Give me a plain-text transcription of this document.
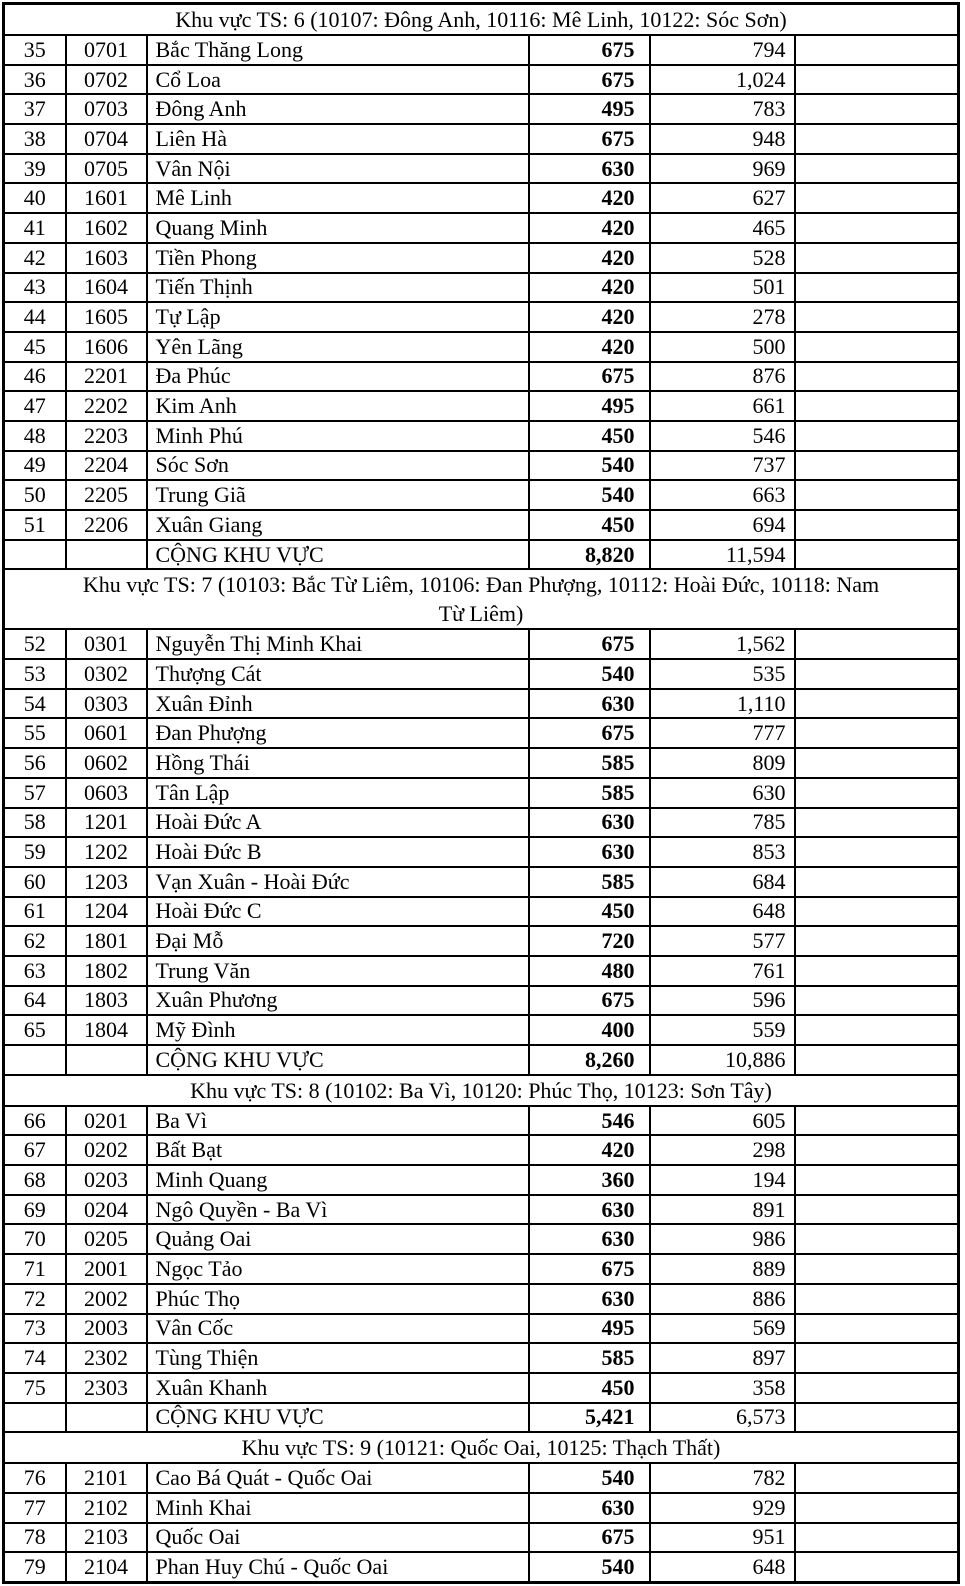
Khu vực TS: 6 (10107: Đông Anh, 10116: Mê Linh, 10122: Sóc Sơn)					

35	0701	Bắc Thăng Long	675	794	
36	0702	Cổ Loa	675	1,024	
37	0703	Đông Anh	495	783	
38	0704	Liên Hà	675	948	
39	0705	Vân Nội	630	969	
40	1601	Mê Linh	420	627	
41	1602	Quang Minh	420	465	
42	1603	Tiền Phong	420	528	
43	1604	Tiến Thịnh	420	501	
44	1605	Tự Lập	420	278	
45	1606	Yên Lãng	420	500	
46	2201	Đa Phúc	675	876	
47	2202	Kim Anh	495	661	
48	2203	Minh Phú	450	546	
49	2204	Sóc Sơn	540	737	
50	2205	Trung Giã	540	663	
51	2206	Xuân Giang	450	694	
		CỘNG KHU VỰC	8,820	11,594	

Khu vực TS: 7 (10103: Bắc Từ Liêm, 10106: Đan Phượng, 10112: Hoài Đức, 10118: Nam Từ Liêm)					

52	0301	Nguyễn Thị Minh Khai	675	1,562	
53	0302	Thượng Cát	540	535	
54	0303	Xuân Đỉnh	630	1,110	
55	0601	Đan Phượng	675	777	
56	0602	Hồng Thái	585	809	
57	0603	Tân Lập	585	630	
58	1201	Hoài Đức A	630	785	
59	1202	Hoài Đức B	630	853	
60	1203	Vạn Xuân - Hoài Đức	585	684	
61	1204	Hoài Đức C	450	648	
62	1801	Đại Mỗ	720	577	
63	1802	Trung Văn	480	761	
64	1803	Xuân Phương	675	596	
65	1804	Mỹ Đình	400	559	
		CỘNG KHU VỰC	8,260	10,886	

Khu vực TS: 8 (10102: Ba Vì, 10120: Phúc Thọ, 10123: Sơn Tây)					

66	0201	Ba Vì	546	605	
67	0202	Bất Bạt	420	298	
68	0203	Minh Quang	360	194	
69	0204	Ngô Quyền - Ba Vì	630	891	
70	0205	Quảng Oai	630	986	
71	2001	Ngọc Tảo	675	889	
72	2002	Phúc Thọ	630	886	
73	2003	Vân Cốc	495	569	
74	2302	Tùng Thiện	585	897	
75	2303	Xuân Khanh	450	358	
		CỘNG KHU VỰC	5,421	6,573	

Khu vực TS: 9 (10121: Quốc Oai, 10125: Thạch Thất)					

76	2101	Cao Bá Quát - Quốc Oai	540	782	
77	2102	Minh Khai	630	929	
78	2103	Quốc Oai	675	951	
79	2104	Phan Huy Chú - Quốc Oai	540	648	
